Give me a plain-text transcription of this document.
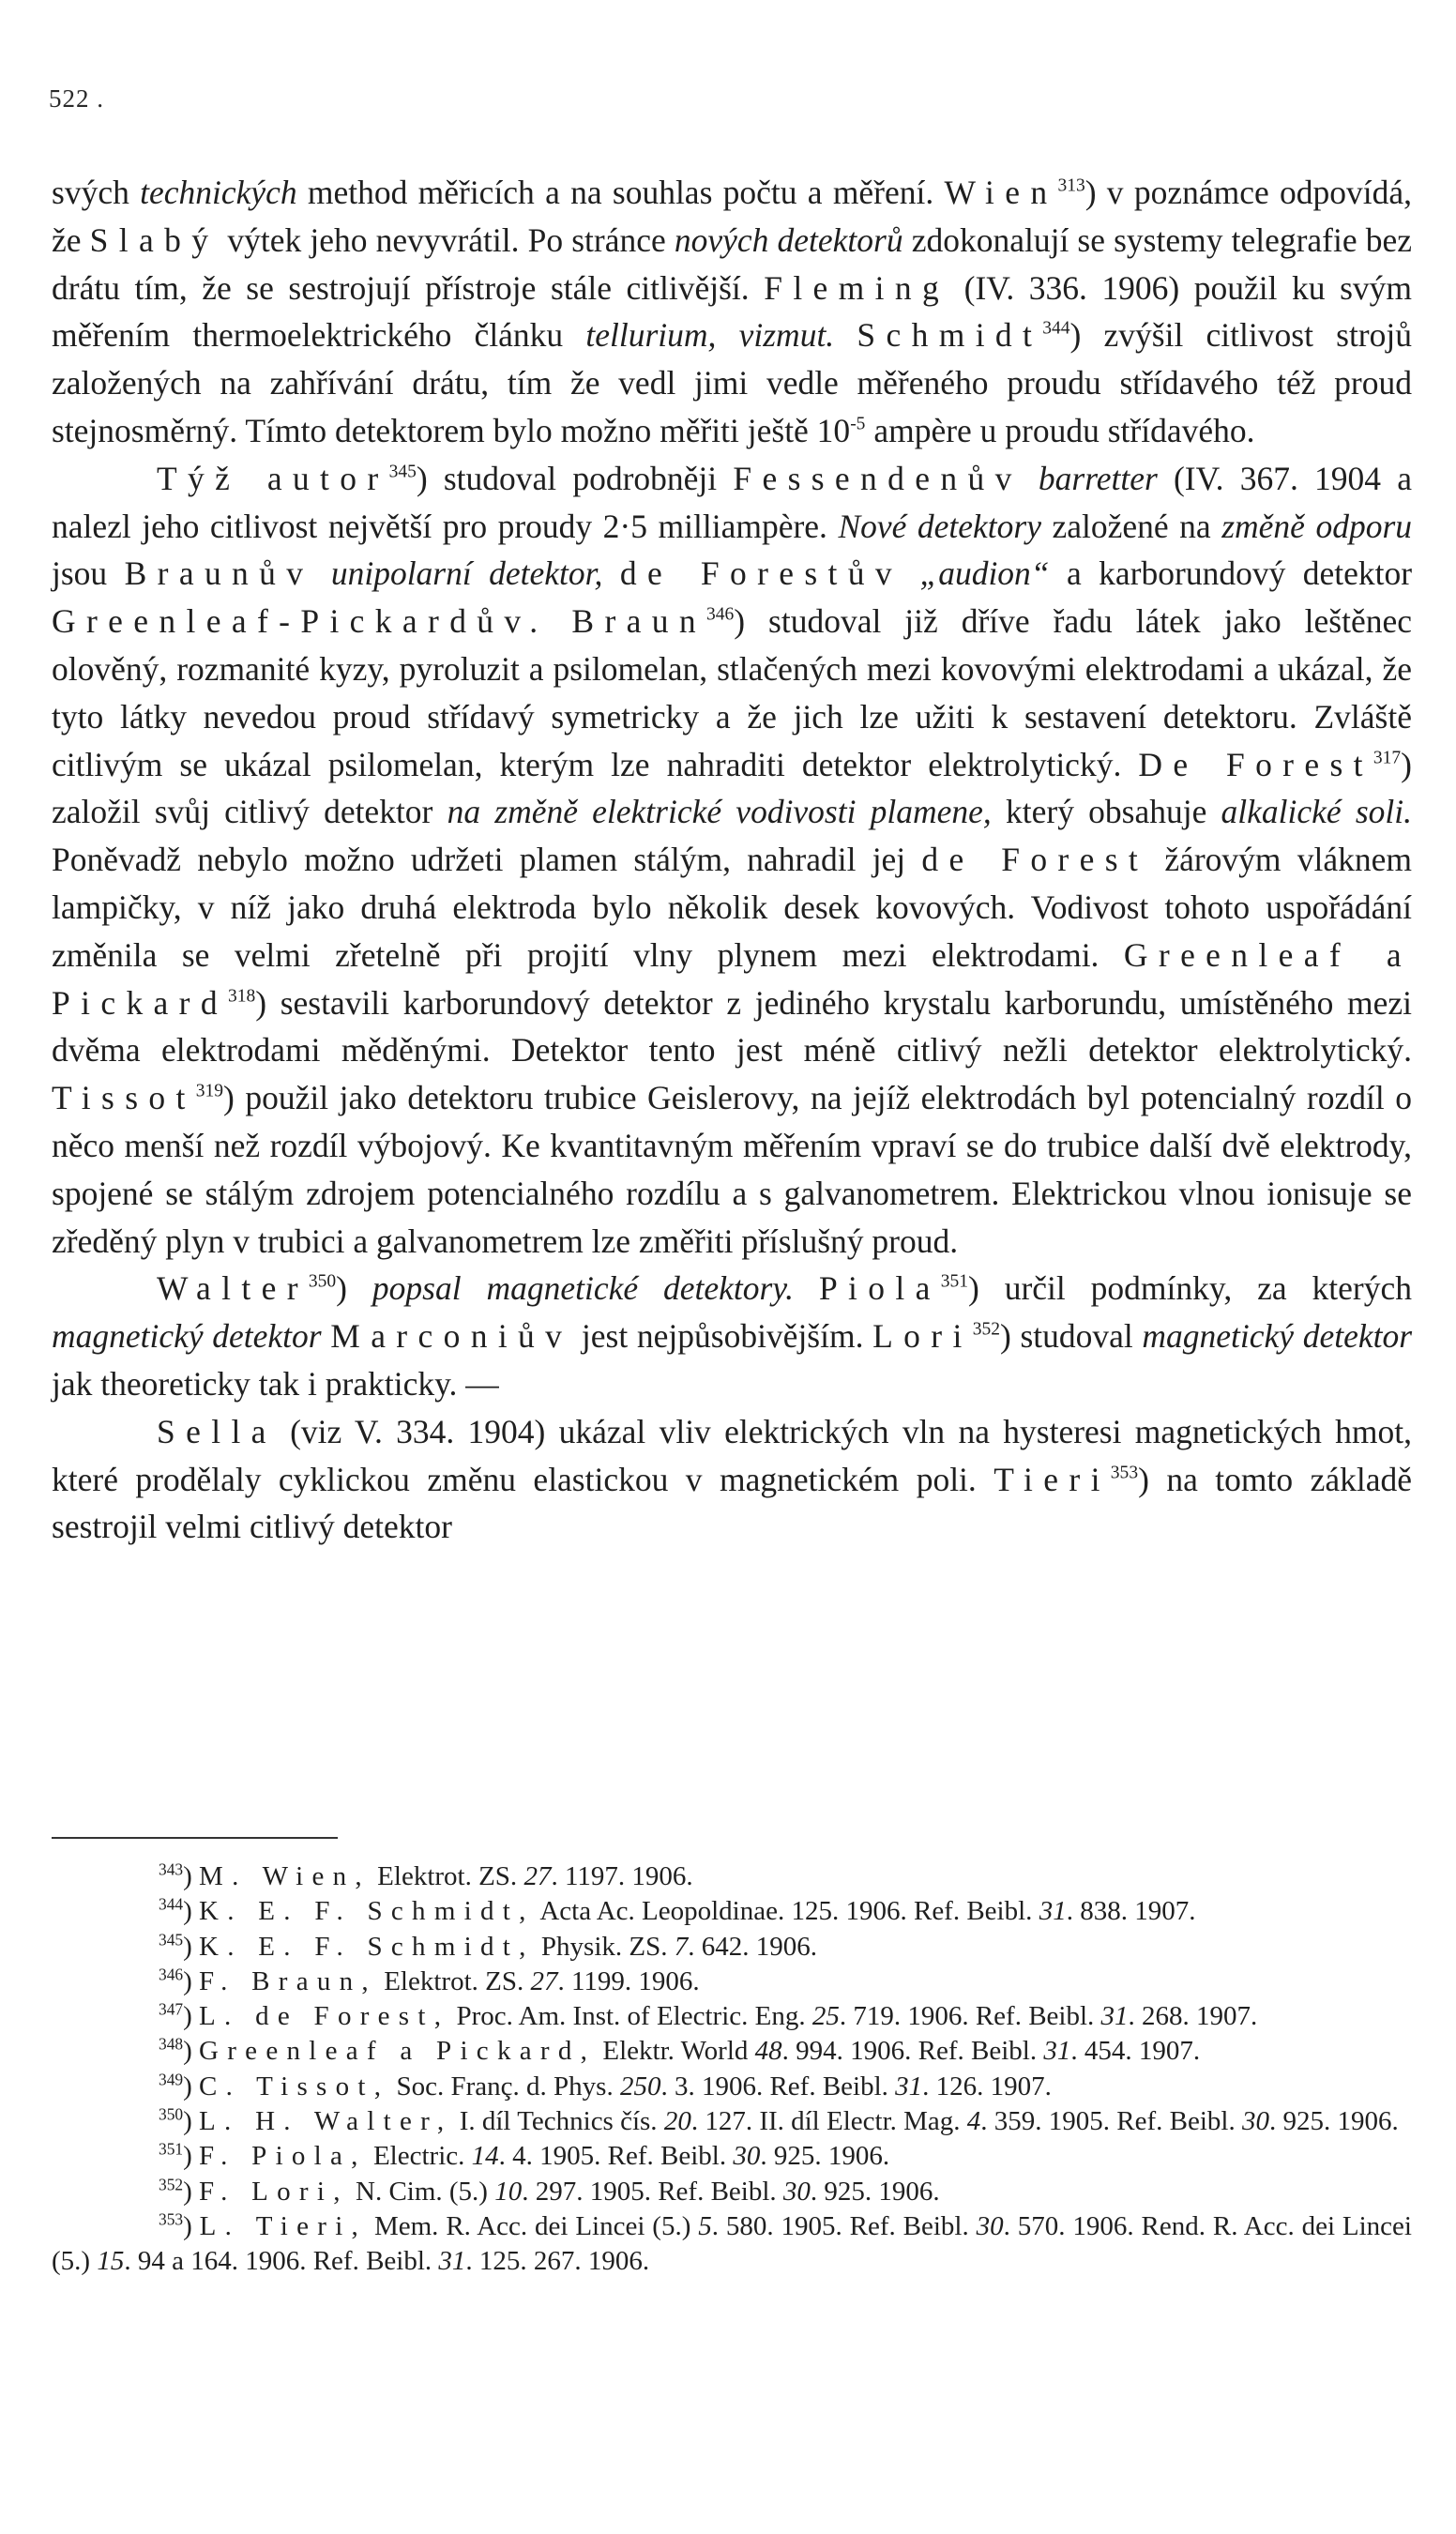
522 .

svých technických method měřicích a na souhlas počtu a měření. Wien$^{313}$) v poznámce odpovídá, že Slabý výtek jeho nevyvrátil. Po stránce nových detektorů zdokonalují se systemy telegrafie bez drátu tím, že se sestrojují přístroje stále citlivější. Fleming (IV. 336. 1906) použil ku svým měřením thermoelektrického článku tellurium, vizmut. Schmidt$^{344}$) zvýšil citlivost strojů založených na zahřívání drátu, tím že vedl jimi vedle měřeného proudu střídavého též proud stejnosměrný. Tímto detektorem bylo možno měřiti ještě $10^{-5}$ ampère u proudu střídavého.

Týž autor$^{345}$) studoval podrobněji Fessendenův barretter (IV. 367. 1904 a nalezl jeho citlivost největší pro proudy 2·5 milliampère. Nové detektory založené na změně odporu jsou Braunův unipolarní detektor, de Forestův „audion“ a karborundový detektor Greenleaf-Pickardův. Braun$^{346}$) studoval již dříve řadu látek jako leštěnec olověný, rozmanité kyzy, pyroluzit a psilomelan, stlačených mezi kovovými elektrodami a ukázal, že tyto látky nevedou proud střídavý symetricky a že jich lze užiti k sestavení detektoru. Zvláště citlivým se ukázal psilomelan, kterým lze nahraditi detektor elektrolytický. De Forest$^{317}$) založil svůj citlivý detektor na změně elektrické vodivosti plamene, který obsahuje alkalické soli. Poněvadž nebylo možno udržeti plamen stálým, nahradil jej de Forest žárovým vláknem lampičky, v níž jako druhá elektroda bylo několik desek kovových. Vodivost tohoto uspořádání změnila se velmi zřetelně při projití vlny plynem mezi elektrodami. Greenleaf a Pickard$^{318}$) sestavili karborundový detektor z jediného krystalu karborundu, umístěného mezi dvěma elektrodami měděnými. Detektor tento jest méně citlivý nežli detektor elektrolytický. Tissot$^{319}$) použil jako detektoru trubice Geislerovy, na jejíž elektrodách byl potencialný rozdíl o něco menší než rozdíl výbojový. Ke kvantitavným měřením vpraví se do trubice další dvě elektrody, spojené se stálým zdrojem potencialného rozdílu a s galvanometrem. Elektrickou vlnou ionisuje se zředěný plyn v trubici a galvanometrem lze změřiti příslušný proud.

Walter$^{350}$) popsal magnetické detektory. Piola$^{351}$) určil podmínky, za kterých magnetický detektor Marconiův jest nejpůsobivějším. Lori$^{352}$) studoval magnetický detektor jak theoreticky tak i prakticky. —

Sella (viz V. 334. 1904) ukázal vliv elektrických vln na hysteresi magnetických hmot, které prodělaly cyklickou změnu elastickou v magnetickém poli. Tieri$^{353}$) na tomto základě sestrojil velmi citlivý detektor

$^{343}$) M. Wien, Elektrot. ZS. 27. 1197. 1906.

$^{344}$) K. E. F. Schmidt, Acta Ac. Leopoldinae. 125. 1906. Ref. Beibl. 31. 838. 1907.

$^{345}$) K. E. F. Schmidt, Physik. ZS. 7. 642. 1906.

$^{346}$) F. Braun, Elektrot. ZS. 27. 1199. 1906.

$^{347}$) L. de Forest, Proc. Am. Inst. of Electric. Eng. 25. 719. 1906. Ref. Beibl. 31. 268. 1907.

$^{348}$) Greenleaf a Pickard, Elektr. World 48. 994. 1906. Ref. Beibl. 31. 454. 1907.

$^{349}$) C. Tissot, Soc. Franç. d. Phys. 250. 3. 1906. Ref. Beibl. 31. 126. 1907.

$^{350}$) L. H. Walter, I. díl Technics čís. 20. 127. II. díl Electr. Mag. 4. 359. 1905. Ref. Beibl. 30. 925. 1906.

$^{351}$) F. Piola, Electric. 14. 4. 1905. Ref. Beibl. 30. 925. 1906.

$^{352}$) F. Lori, N. Cim. (5.) 10. 297. 1905. Ref. Beibl. 30. 925. 1906.

$^{353}$) L. Tieri, Mem. R. Acc. dei Lincei (5.) 5. 580. 1905. Ref. Beibl. 30. 570. 1906. Rend. R. Acc. dei Lincei (5.) 15. 94 a 164. 1906. Ref. Beibl. 31. 125. 267. 1906.
